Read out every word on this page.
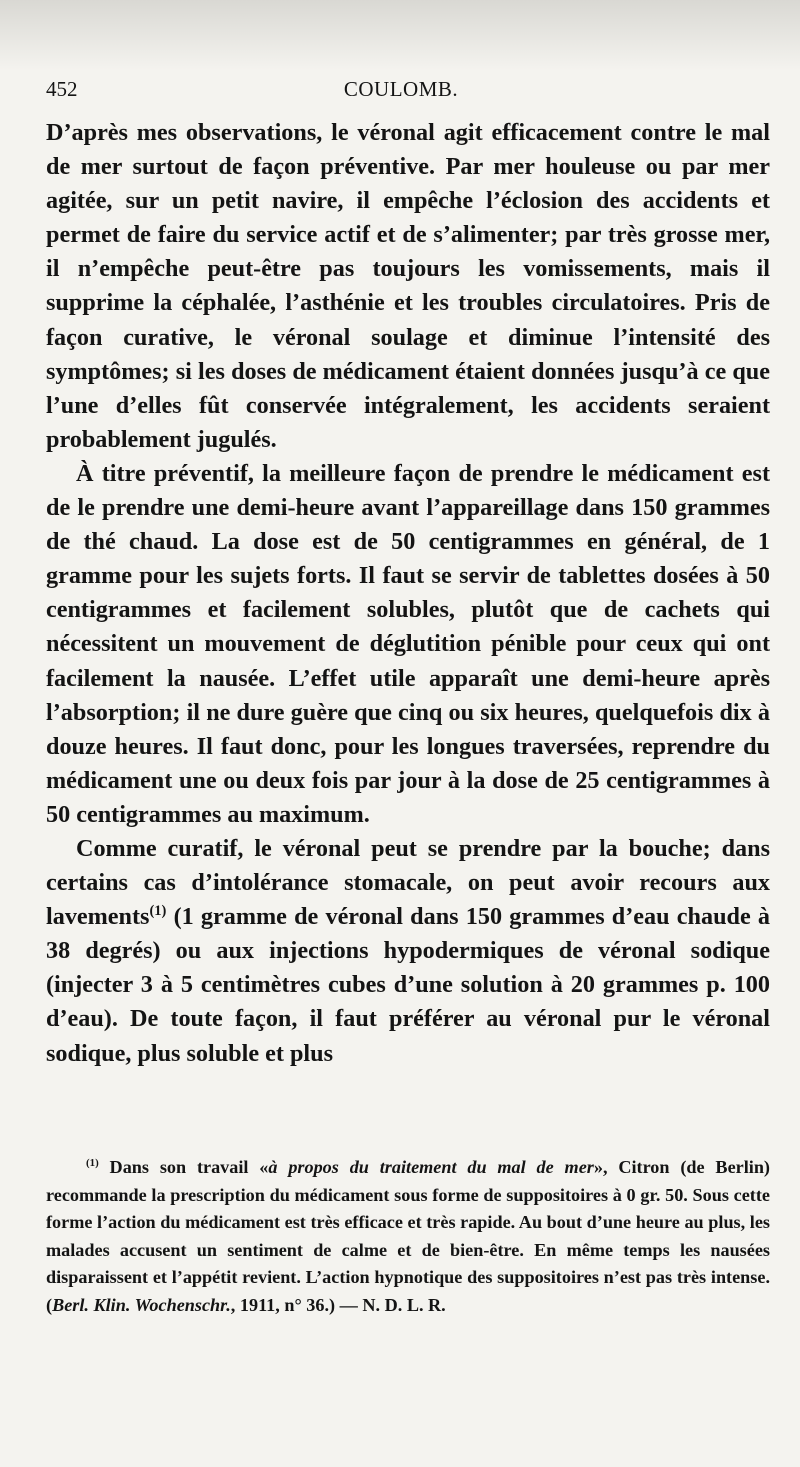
452	COULOMB.

D’après mes observations, le véronal agit efficacement contre le mal de mer surtout de façon préventive. Par mer houleuse ou par mer agitée, sur un petit navire, il empêche l’éclosion des accidents et permet de faire du service actif et de s’alimenter; par très grosse mer, il n’empêche peut-être pas toujours les vomissements, mais il supprime la céphalée, l’asthénie et les troubles circulatoires. Pris de façon curative, le véronal soulage et diminue l’intensité des symptômes; si les doses de médicament étaient données jusqu’à ce que l’une d’elles fût conservée intégralement, les accidents seraient probablement jugulés.

À titre préventif, la meilleure façon de prendre le médicament est de le prendre une demi-heure avant l’appareillage dans 150 grammes de thé chaud. La dose est de 50 centigrammes en général, de 1 gramme pour les sujets forts. Il faut se servir de tablettes dosées à 50 centigrammes et facilement solubles, plutôt que de cachets qui nécessitent un mouvement de déglutition pénible pour ceux qui ont facilement la nausée. L’effet utile apparaît une demi-heure après l’absorption; il ne dure guère que cinq ou six heures, quelquefois dix à douze heures. Il faut donc, pour les longues traversées, reprendre du médicament une ou deux fois par jour à la dose de 25 centigrammes à 50 centigrammes au maximum.

Comme curatif, le véronal peut se prendre par la bouche; dans certains cas d’intolérance stomacale, on peut avoir recours aux lavements$^{(1)}$ (1 gramme de véronal dans 150 grammes d’eau chaude à 38 degrés) ou aux injections hypodermiques de véronal sodique (injecter 3 à 5 centimètres cubes d’une solution à 20 grammes p. 100 d’eau). De toute façon, il faut préférer au véronal pur le véronal sodique, plus soluble et plus

$^{(1)}$ Dans son travail «à propos du traitement du mal de mer», Citron (de Berlin) recommande la prescription du médicament sous forme de suppositoires à 0 gr. 50. Sous cette forme l’action du médicament est très efficace et très rapide. Au bout d’une heure au plus, les malades accusent un sentiment de calme et de bien-être. En même temps les nausées disparaissent et l’appétit revient. L’action hypnotique des suppositoires n’est pas très intense. (Berl. Klin. Wochenschr., 1911, n° 36.) — N. D. L. R.
